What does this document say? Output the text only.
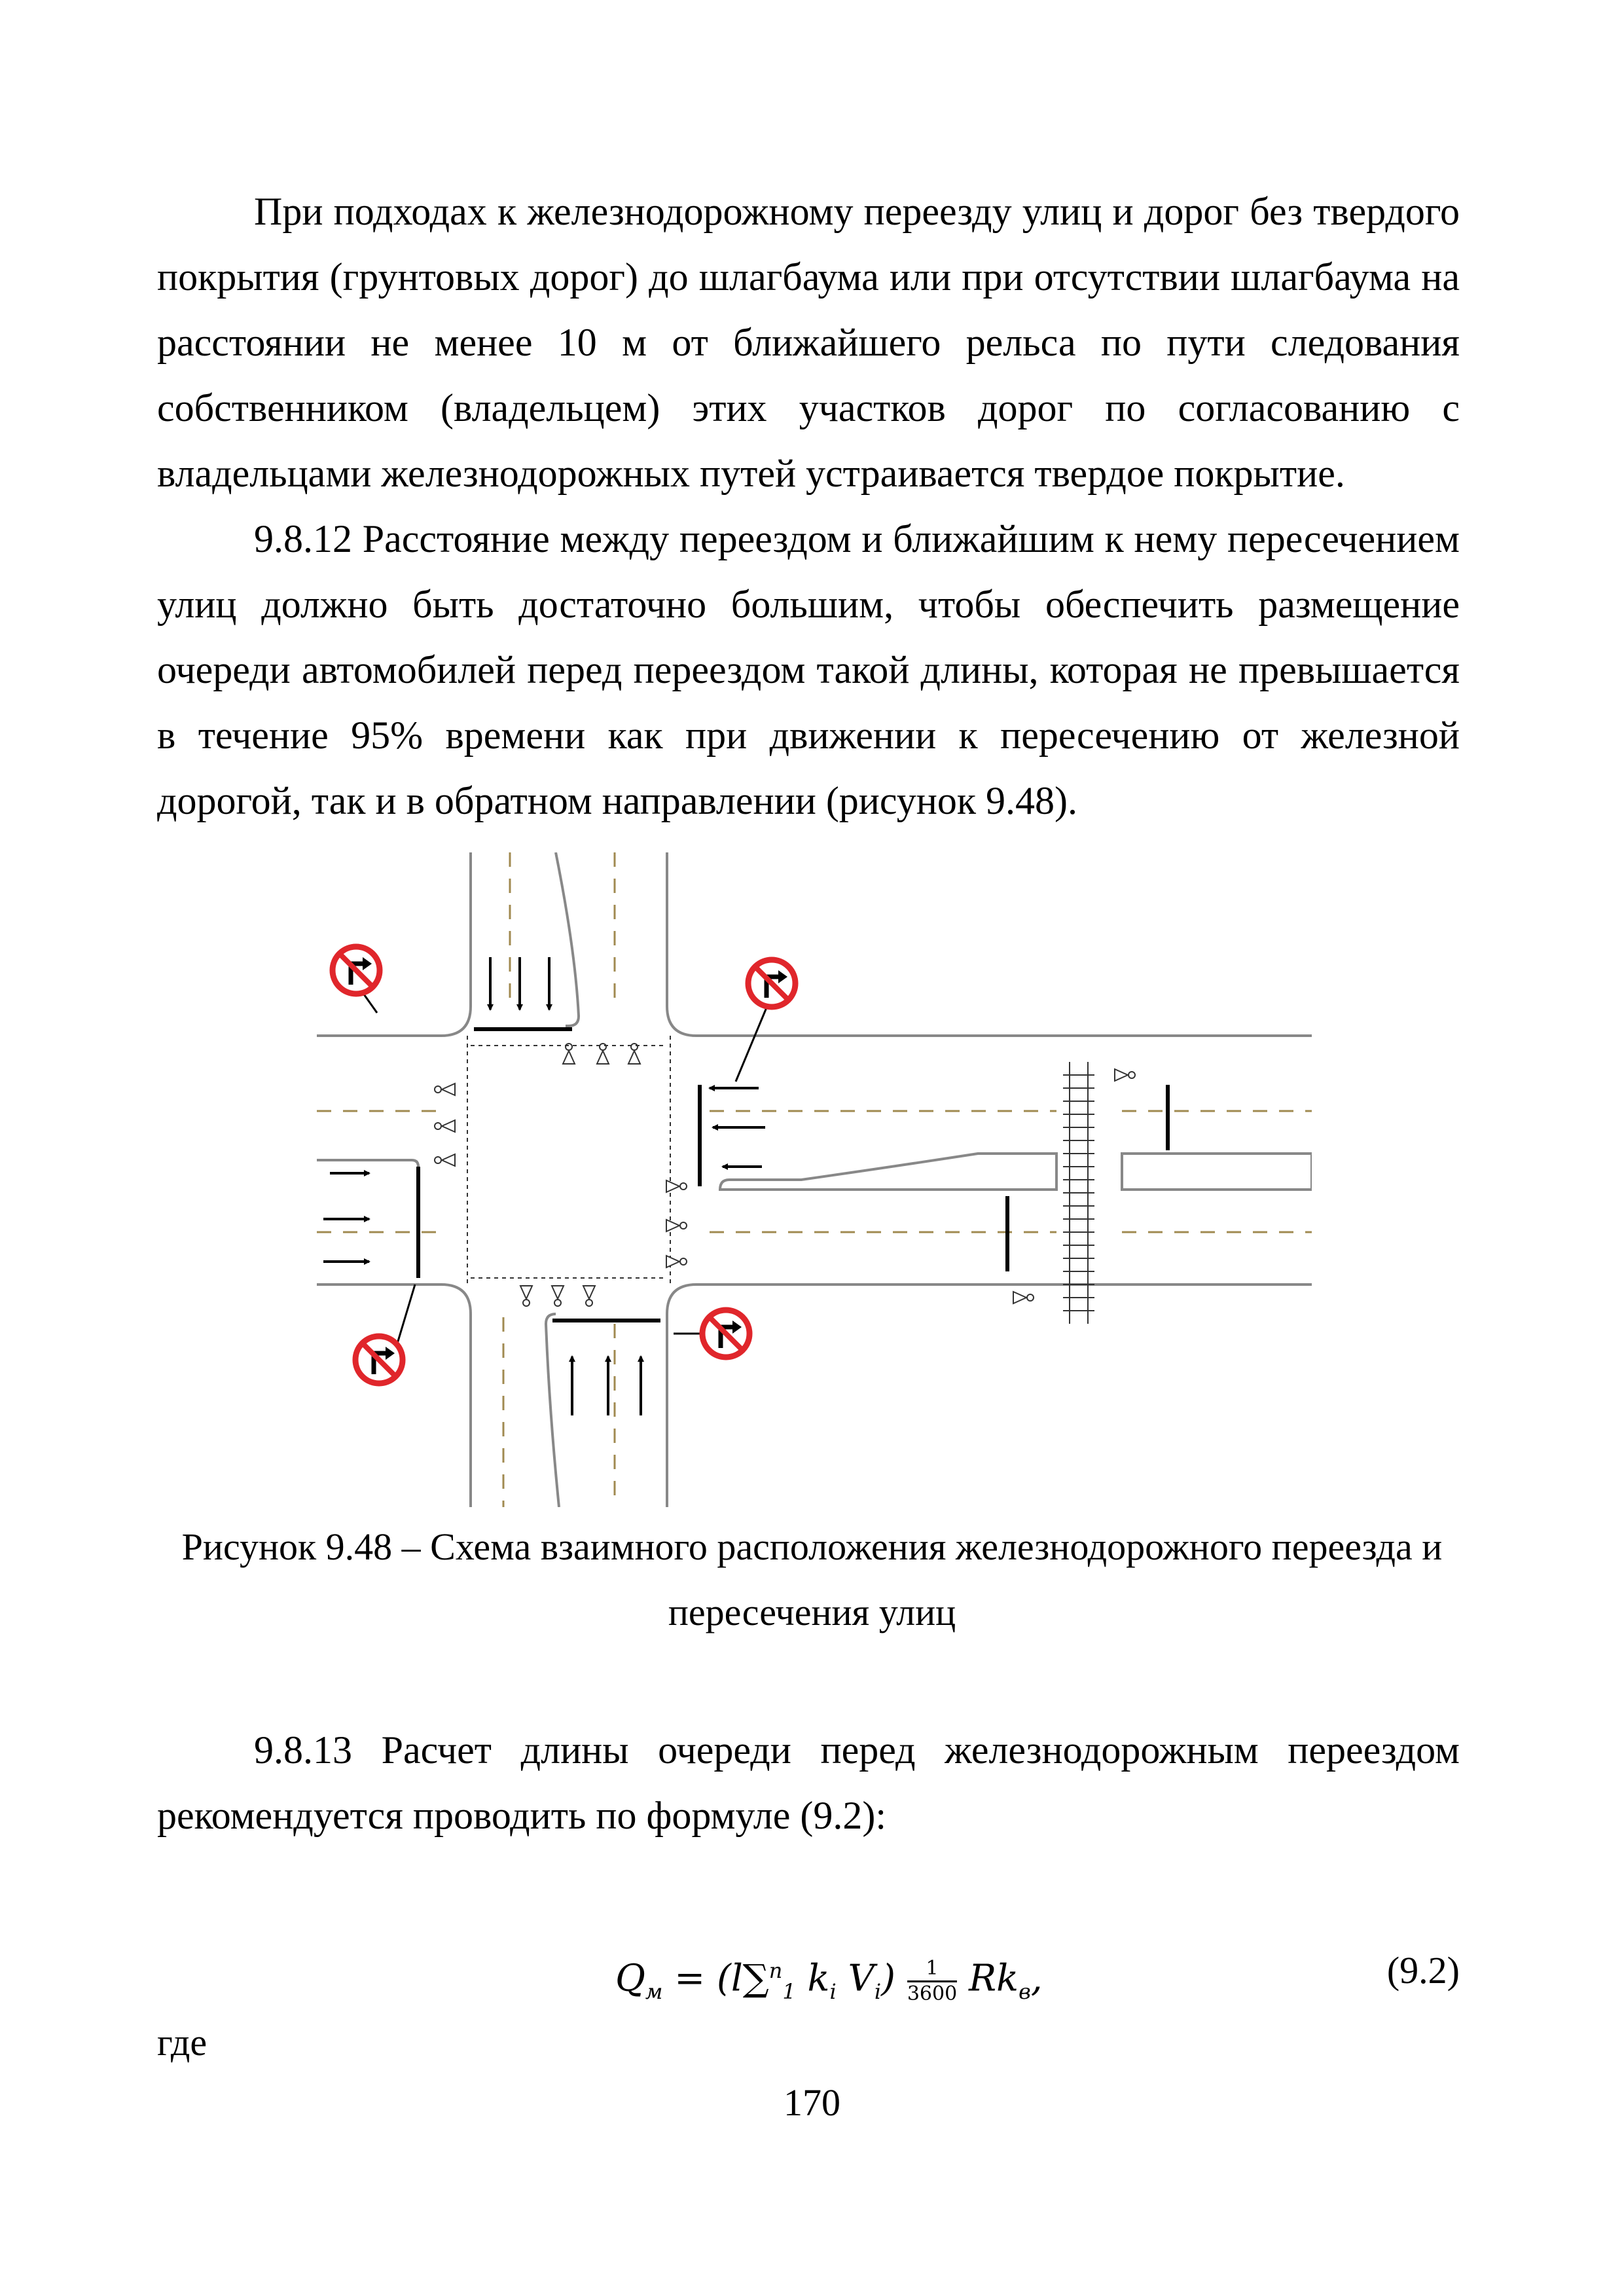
При подходах к железнодорожному переезду улиц и дорог без твердого покрытия (грунтовых дорог) до шлагбаума или при отсутствии шлагбаума на расстоянии не менее 10 м от ближайшего рельса по пути следования собственником (владельцем) этих участков дорог по согласованию с владельцами железнодорожных путей устраивается твердое покрытие.

9.8.12 Расстояние между переездом и ближайшим к нему пересечением улиц должно быть достаточно большим, чтобы обеспечить размещение очереди автомобилей перед переездом такой длины, которая не превышается в течение 95% времени как при движении к пересечению от железной дорогой, так и в обратном направлении (рисунок 9.48).

Рисунок 9.48 – Схема взаимного расположения железнодорожного переезда и

пересечения улиц

9.8.13 Расчет длины очереди перед железнодорожным переездом рекомендуется проводить по формуле (9.2):

$Q_м = (l\sum^n_1$ $k_i$ $V_i) \frac{1}{3600} Rk_в$,	(9.2)

где

170
